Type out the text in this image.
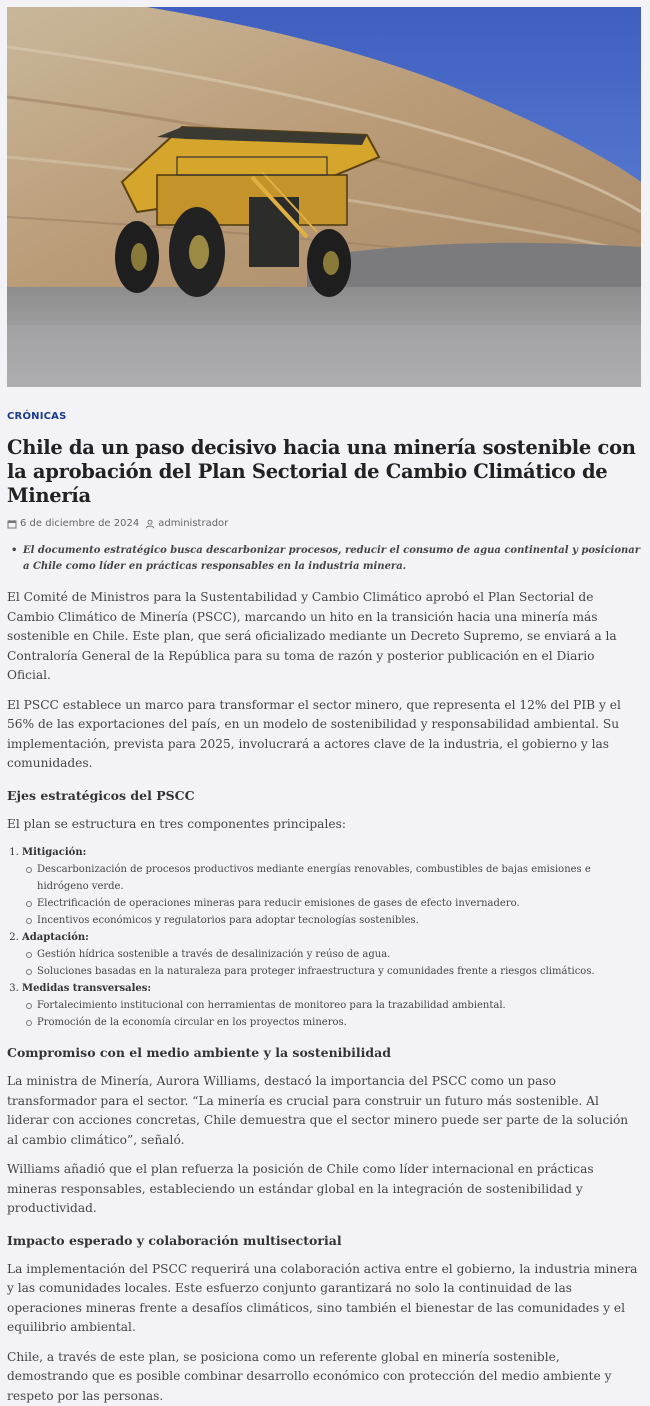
CRÓNICAS
Chile da un paso decisivo hacia una minería sostenible con la aprobación del Plan Sectorial de Cambio Climático de Minería
6 de diciembre de 2024 administrador
• El documento estratégico busca descarbonizar procesos, reducir el consumo de agua continental y posicionar a Chile como líder en prácticas responsables en la industria minera.

El Comité de Ministros para la Sustentabilidad y Cambio Climático aprobó el Plan Sectorial de Cambio Climático de Minería (PSCC), marcando un hito en la transición hacia una minería más sostenible en Chile. Este plan, que será oficializado mediante un Decreto Supremo, se enviará a la Contraloría General de la República para su toma de razón y posterior publicación en el Diario Oficial.

El PSCC establece un marco para transformar el sector minero, que representa el 12% del PIB y el 56% de las exportaciones del país, en un modelo de sostenibilidad y responsabilidad ambiental. Su implementación, prevista para 2025, involucrará a actores clave de la industria, el gobierno y las comunidades.

Ejes estratégicos del PSCC

El plan se estructura en tres componentes principales:

1. Mitigación:
Descarbonización de procesos productivos mediante energías renovables, combustibles de bajas emisiones e hidrógeno verde.
Electrificación de operaciones mineras para reducir emisiones de gases de efecto invernadero.
Incentivos económicos y regulatorios para adoptar tecnologías sostenibles.
2. Adaptación:
Gestión hídrica sostenible a través de desalinización y reúso de agua.
Soluciones basadas en la naturaleza para proteger infraestructura y comunidades frente a riesgos climáticos.
3. Medidas transversales:
Fortalecimiento institucional con herramientas de monitoreo para la trazabilidad ambiental.
Promoción de la economía circular en los proyectos mineros.
Compromiso con el medio ambiente y la sostenibilidad

La ministra de Minería, Aurora Williams, destacó la importancia del PSCC como un paso transformador para el sector. “La minería es crucial para construir un futuro más sostenible. Al liderar con acciones concretas, Chile demuestra que el sector minero puede ser parte de la solución al cambio climático”, señaló.

Williams añadió que el plan refuerza la posición de Chile como líder internacional en prácticas mineras responsables, estableciendo un estándar global en la integración de sostenibilidad y productividad.

Impacto esperado y colaboración multisectorial

La implementación del PSCC requerirá una colaboración activa entre el gobierno, la industria minera y las comunidades locales. Este esfuerzo conjunto garantizará no solo la continuidad de las operaciones mineras frente a desafíos climáticos, sino también el bienestar de las comunidades y el equilibrio ambiental.

Chile, a través de este plan, se posiciona como un referente global en minería sostenible, demostrando que es posible combinar desarrollo económico con protección del medio ambiente y respeto por las personas.
